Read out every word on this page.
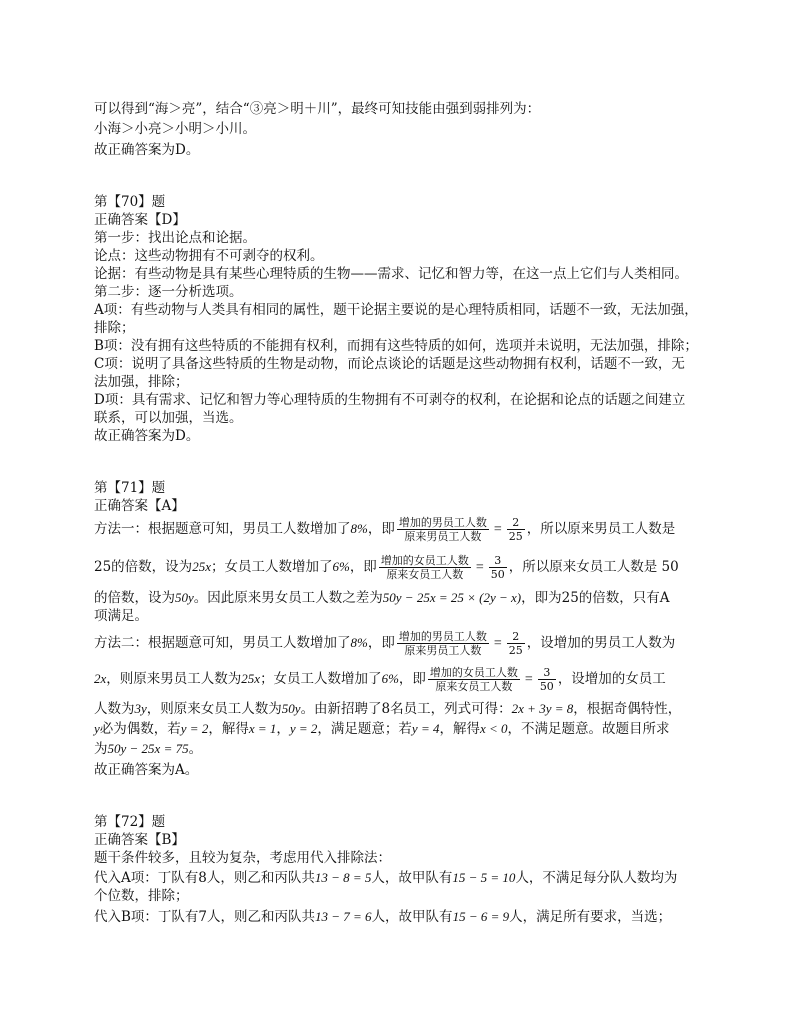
可以得到“海＞亮”，结合“③亮＞明＋川”，最终可知技能由强到弱排列为：
小海＞小亮＞小明＞小川。
故正确答案为D。
第【70】题
正确答案【D】
第一步：找出论点和论据。
论点：这些动物拥有不可剥夺的权利。
论据：有些动物是具有某些心理特质的生物——需求、记忆和智力等，在这一点上它们与人类相同。
第二步：逐一分析选项。
A项：有些动物与人类具有相同的属性，题干论据主要说的是心理特质相同，话题不一致，无法加强，
排除；
B项：没有拥有这些特质的不能拥有权利，而拥有这些特质的如何，选项并未说明，无法加强，排除；
C项：说明了具备这些特质的生物是动物，而论点谈论的话题是这些动物拥有权利，话题不一致，无
法加强，排除；
D项：具有需求、记忆和智力等心理特质的生物拥有不可剥夺的权利，在论据和论点的话题之间建立
联系，可以加强，当选。
故正确答案为D。
第【71】题
正确答案【A】
方法一：根据题意可知，男员工人数增加了8%，即 $\frac{\text{增加的男员工人数}}{\text{原来男员工人数}} = \frac{2}{25}$ ，所以原来男员工人数是
25的倍数，设为25x；女员工人数增加了6%，即 $\frac{\text{增加的女员工人数}}{\text{原来女员工人数}} = \frac{3}{50}$ ，所以原来女员工人数是 50
的倍数，设为50y。因此原来男女员工人数之差为50y − 25x = 25 × (2y − x)，即为25的倍数，只有A
项满足。
方法二：根据题意可知，男员工人数增加了8%，即 $\frac{\text{增加的男员工人数}}{\text{原来男员工人数}} = \frac{2}{25}$ ，设增加的男员工人数为
2x，则原来男员工人数为25x；女员工人数增加了6%，即 $\frac{\text{增加的女员工人数}}{\text{原来女员工人数}} = \frac{3}{50}$ ，设增加的女员工
人数为3y，则原来女员工人数为50y。由新招聘了8名员工，列式可得：2x + 3y = 8，根据奇偶特性，
y必为偶数，若y = 2，解得x = 1，y = 2，满足题意；若y = 4，解得x < 0，不满足题意。故题目所求
为50y − 25x = 75。
故正确答案为A。
第【72】题
正确答案【B】
题干条件较多，且较为复杂，考虑用代入排除法：
代入A项：丁队有8人，则乙和丙队共13 − 8 = 5人，故甲队有15 − 5 = 10人，不满足每分队人数均为
个位数，排除；
代入B项：丁队有7人，则乙和丙队共13 − 7 = 6人，故甲队有15 − 6 = 9人，满足所有要求，当选；
